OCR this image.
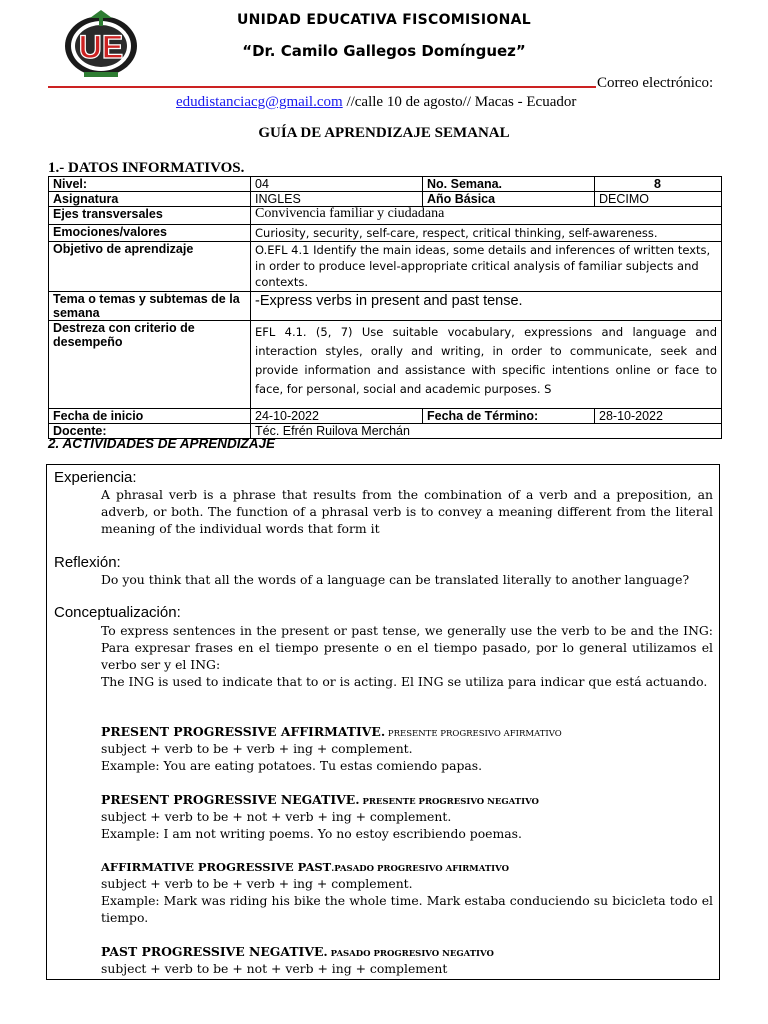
UE
UNIDAD EDUCATIVA FISCOMISIONAL
“Dr. Camilo Gallegos Domínguez”
Correo electrónico:
edudistanciacg@gmail.com //calle 10 de agosto// Macas - Ecuador
GUÍA DE APRENDIZAJE SEMANAL
1.- DATOS INFORMATIVOS.
Nivel:	04	No. Semana.	8
Asignatura	INGLES	Año Básica	DECIMO
Ejes transversales	Convivencia familiar y ciudadana		
Emociones/valores	Curiosity, security, self-care, respect, critical thinking, self-awareness.		
Objetivo de aprendizaje	O.EFL 4.1 Identify the main ideas, some details and inferences of written texts, in order to produce level-appropriate critical analysis of familiar subjects and contexts.		
Tema o temas y subtemas de la semana	-Express verbs in present and past tense.		
Destreza con criterio de desempeño	EFL 4.1. (5, 7) Use suitable vocabulary, expressions and language and interaction styles, orally and writing, in order to communicate, seek and provide information and assistance with specific intentions online or face to face, for personal, social and academic purposes. S		
Fecha de inicio	24-10-2022	Fecha de Término:	28-10-2022
Docente:	Téc. Efrén Ruilova Merchán		
2. ACTIVIDADES DE APRENDIZAJE
Experiencia:
A phrasal verb is a phrase that results from the combination of a verb and a preposition, an adverb, or both. The function of a phrasal verb is to convey a meaning different from the literal meaning of the individual words that form it
Reflexión:
Do you think that all the words of a language can be translated literally to another language?
Conceptualización:
To express sentences in the present or past tense, we generally use the verb to be and the ING: Para expresar frases en el tiempo presente o en el tiempo pasado, por lo general utilizamos el verbo ser y el ING:
The ING is used to indicate that to or is acting. El ING se utiliza para indicar que está actuando.
PRESENT PROGRESSIVE AFFIRMATIVE. PRESENTE PROGRESIVO AFIRMATIVO
subject + verb to be + verb + ing + complement.
Example: You are eating potatoes. Tu estas comiendo papas.
PRESENT PROGRESSIVE NEGATIVE. PRESENTE PROGRESIVO NEGATIVO
subject + verb to be + not + verb + ing + complement.
Example: I am not writing poems. Yo no estoy escribiendo poemas.
AFFIRMATIVE PROGRESSIVE PAST.PASADO PROGRESIVO AFIRMATIVO
subject + verb to be + verb + ing + complement.
Example: Mark was riding his bike the whole time. Mark estaba conduciendo su bicicleta todo el tiempo.
PAST PROGRESSIVE NEGATIVE. PASADO PROGRESIVO NEGATIVO
subject + verb to be + not + verb + ing + complement
